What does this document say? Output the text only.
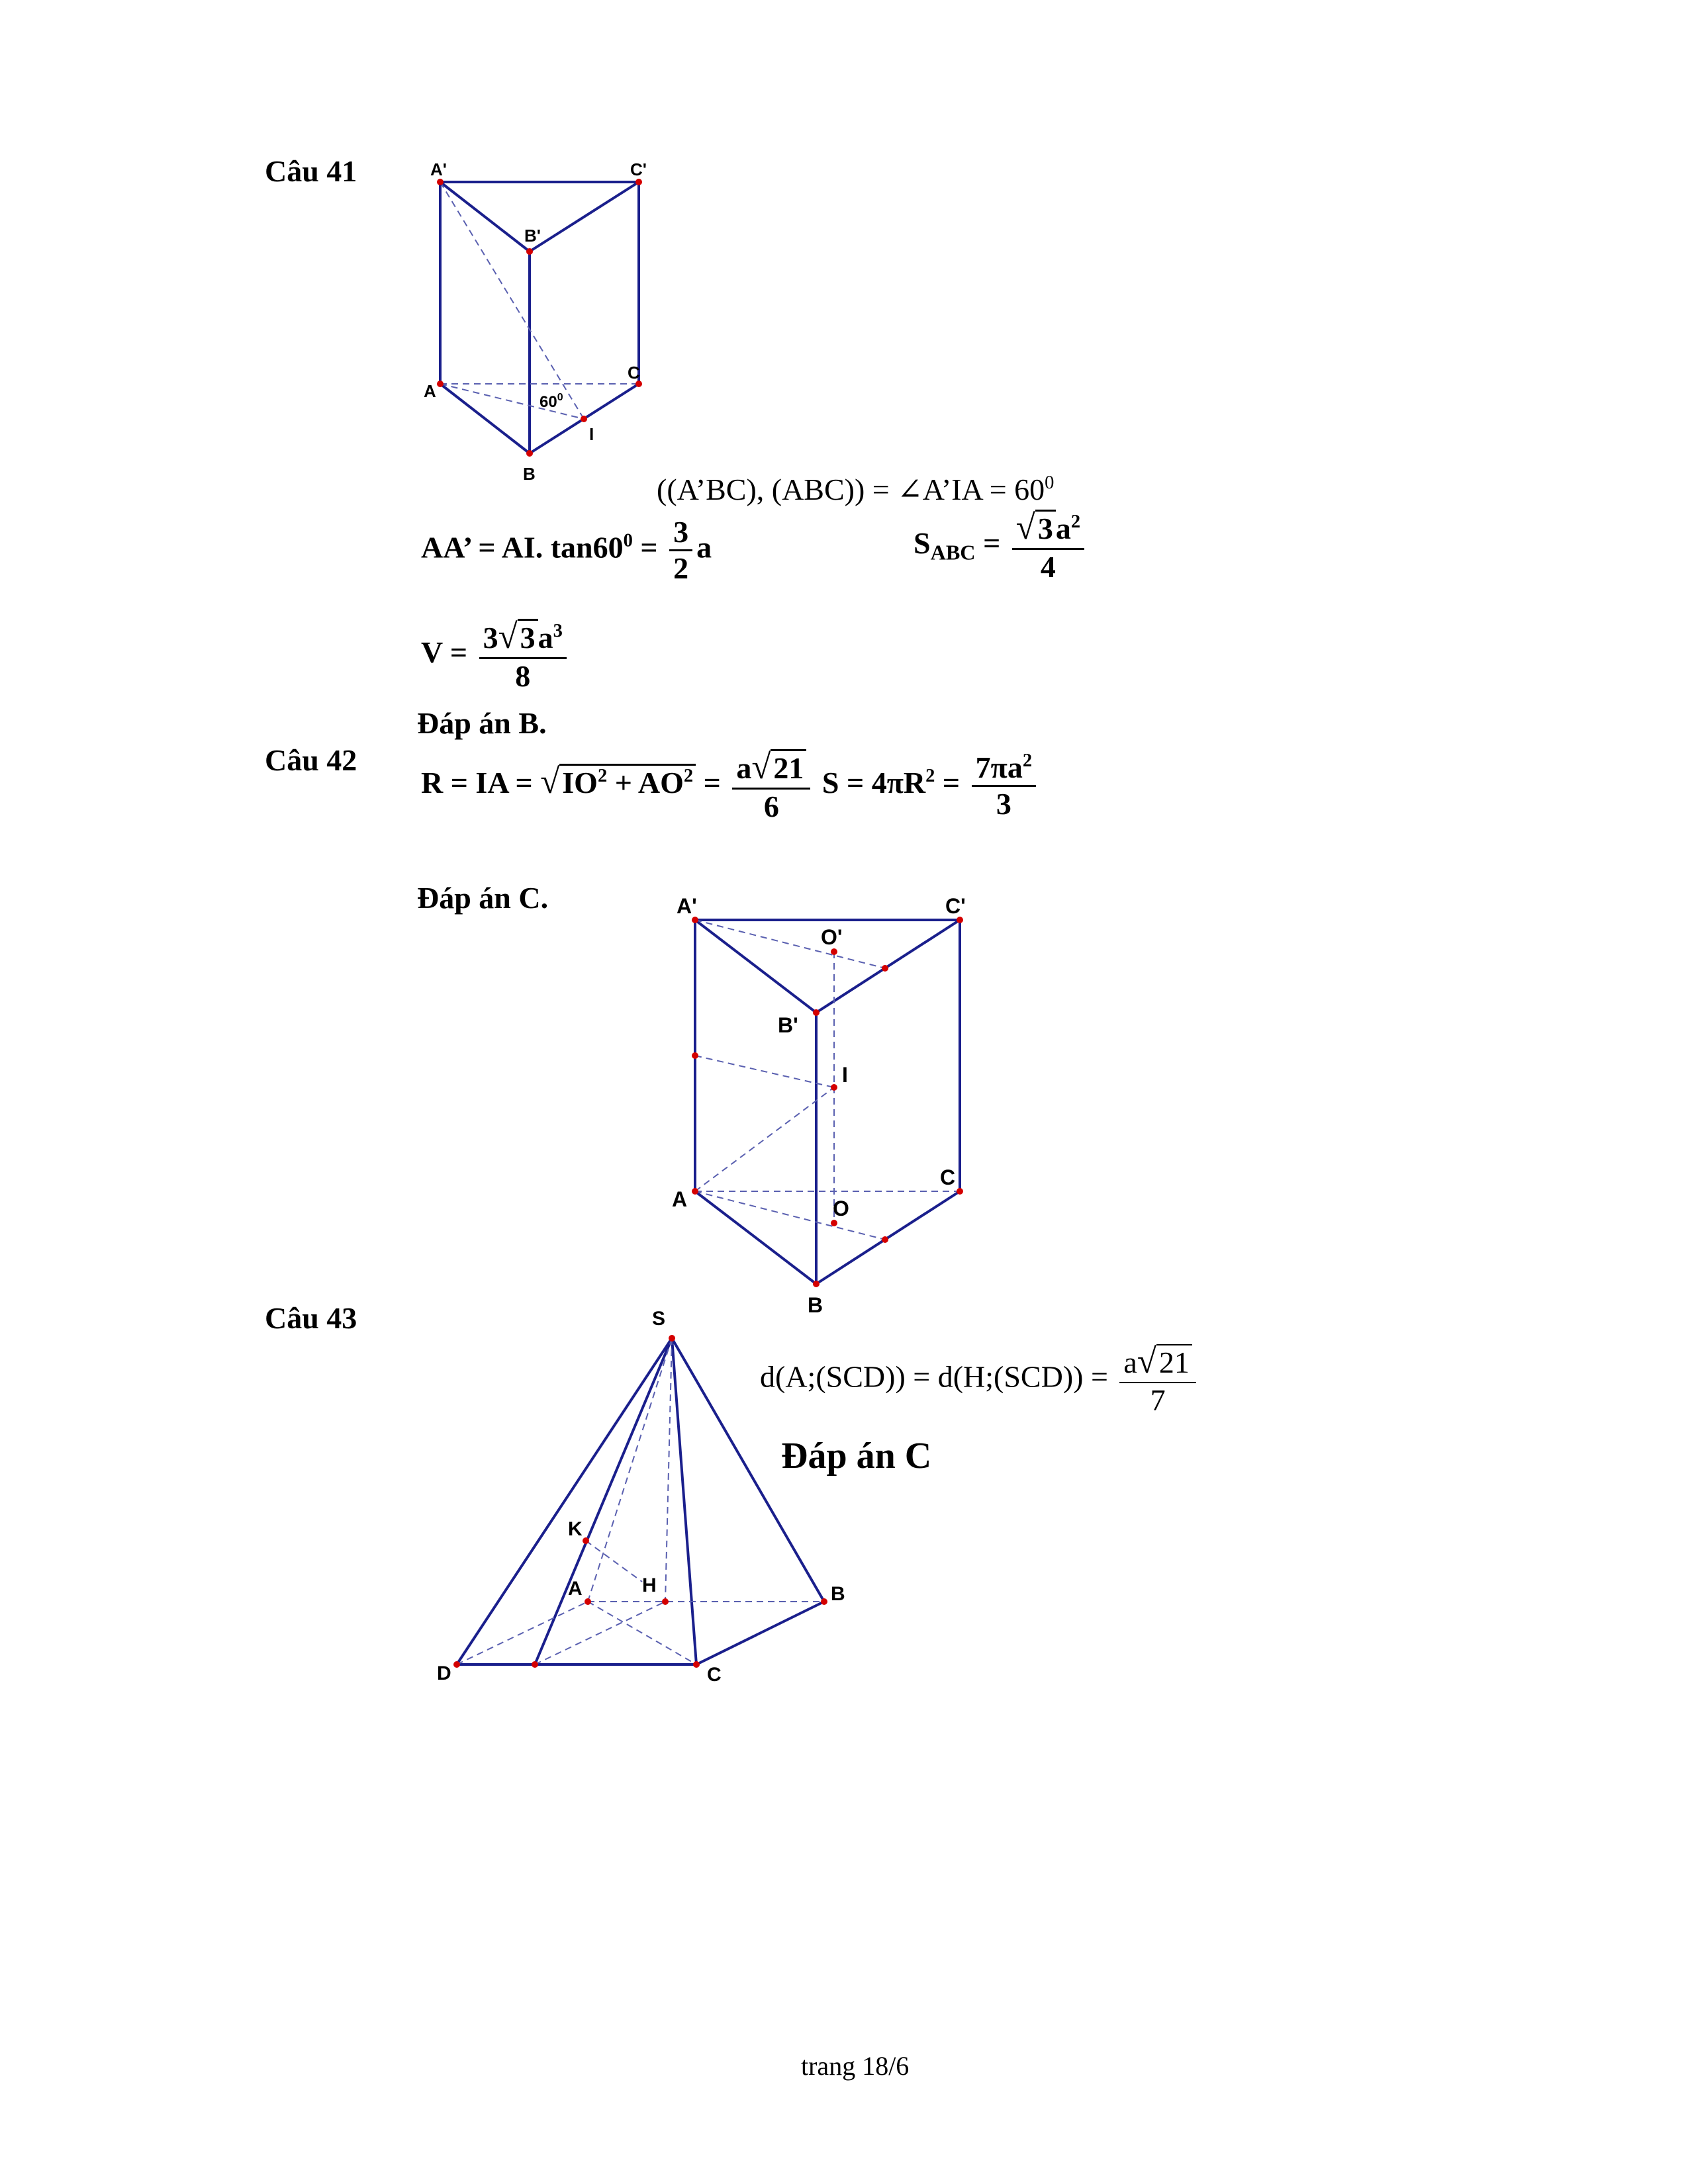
Câu 41	A'	C'
B'
A
C
$60^0$
I
B	((A’BC), (ABC)) = ∠A’IA = $60^0$
AA’ = AI. $\tan 60^0 = \frac{3}{2}$ a	$S_{ABC} = \frac{√3a^2}{4}$
$V = \frac{3√3a^3}{8}$
Đáp án B.
Câu 42
R = IA = $√IO^2 + AO^2 = \frac{a√21}{6}$ $S = 4\pi R^2 = \frac{7\pi a^2}{3}$
Đáp án C.	A'	C'
O'
B'
I
C
A	O
B
Câu 43	S
K
A	H	B
D	C
d(A;(SCD)) = d(H;(SCD)) = $\frac{a√21}{7}$
Đáp án C
trang 18/6
